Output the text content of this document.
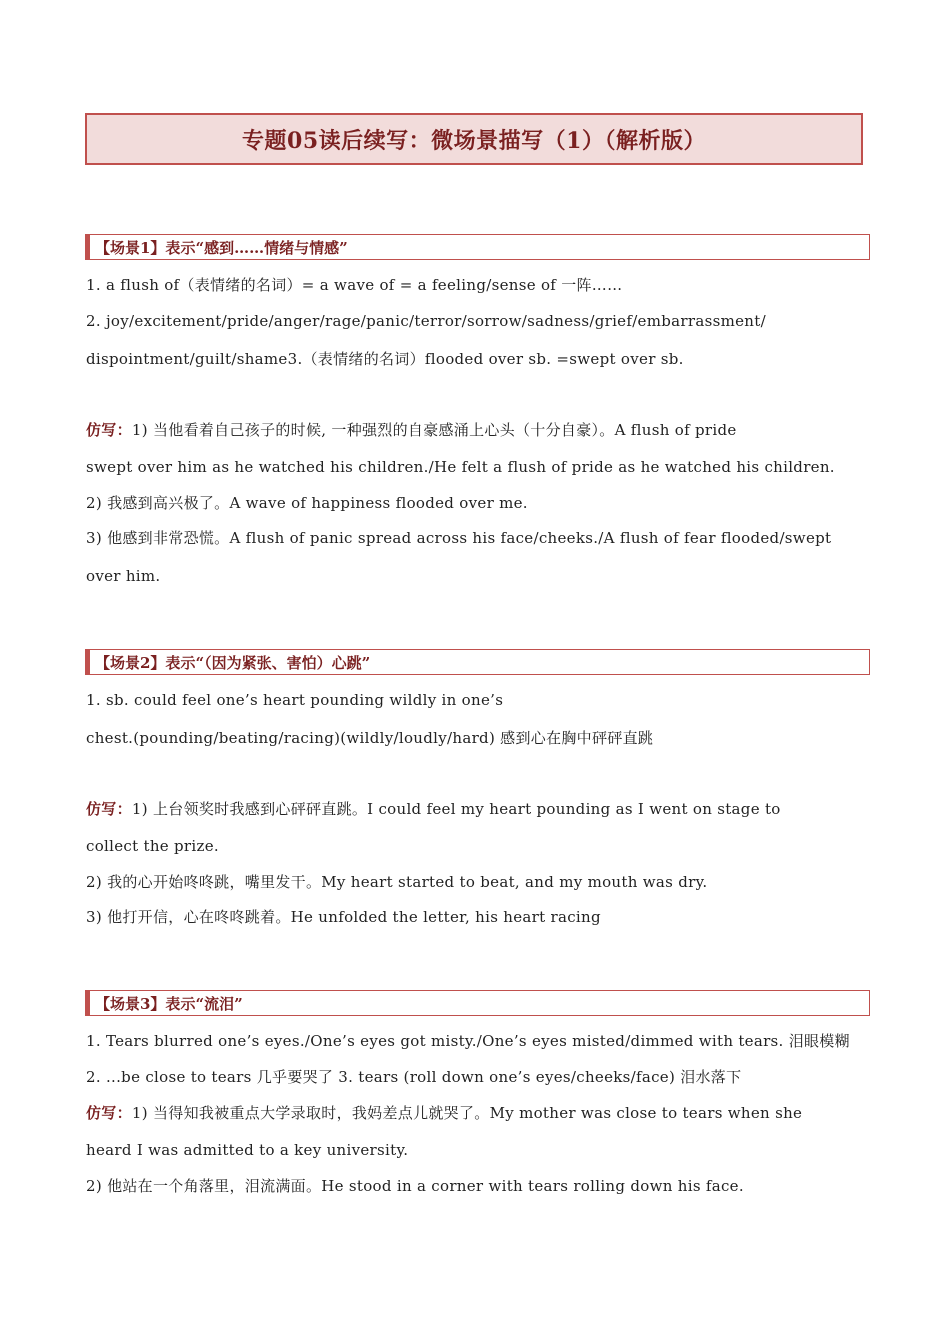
专题05读后续写：微场景描写（1）（解析版）
【场景1】表示“感到……情绪与情感”
1. a flush of（表情绪的名词）= a wave of = a feeling/sense of 一阵……
2. joy/excitement/pride/anger/rage/panic/terror/sorrow/sadness/grief/embarrassment/
dispointment/guilt/shame3.（表情绪的名词）flooded over sb. =swept over sb.
仿写：1) 当他看着自己孩子的时候, 一种强烈的自豪感涌上心头（十分自豪）。A flush of pride
swept over him as he watched his children./He felt a flush of pride as he watched his children.
2) 我感到高兴极了。A wave of happiness flooded over me.
3) 他感到非常恐慌。A flush of panic spread across his face/cheeks./A flush of fear flooded/swept
over him.
【场景2】表示“（因为紧张、害怕）心跳”
1. sb. could feel one’s heart pounding wildly in one’s
chest.(pounding/beating/racing)(wildly/loudly/hard) 感到心在胸中砰砰直跳
仿写：1) 上台领奖时我感到心砰砰直跳。I could feel my heart pounding as I went on stage to
collect the prize.
2) 我的心开始咚咚跳，嘴里发干。My heart started to beat, and my mouth was dry.
3) 他打开信，心在咚咚跳着。He unfolded the letter, his heart racing
【场景3】表示“流泪”
1. Tears blurred one’s eyes./One’s eyes got misty./One’s eyes misted/dimmed with tears. 泪眼模糊
2. ...be close to tears 几乎要哭了 3. tears (roll down one’s eyes/cheeks/face) 泪水落下
仿写：1) 当得知我被重点大学录取时，我妈差点儿就哭了。My mother was close to tears when she
heard I was admitted to a key university.
2) 他站在一个角落里，泪流满面。He stood in a corner with tears rolling down his face.
